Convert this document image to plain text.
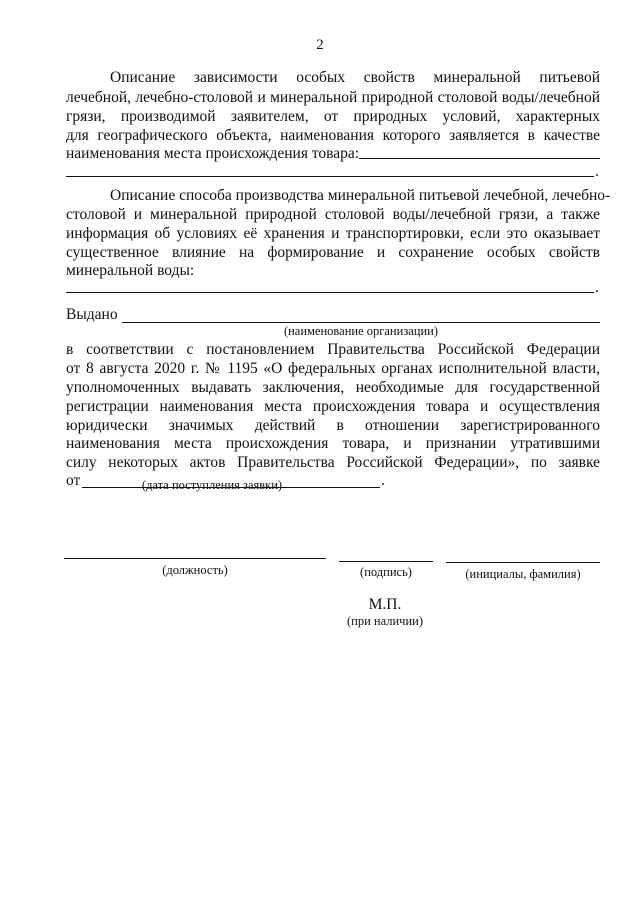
2
Описание зависимости особых свойств минеральной питьевой
лечебной, лечебно-столовой и минеральной природной столовой воды/лечебной
грязи, производимой заявителем, от природных условий, характерных
для географического объекта, наименования которого заявляется в качестве
наименования места происхождения товара:
.
Описание способа производства минеральной питьевой лечебной, лечебно-
столовой и минеральной природной столовой воды/лечебной грязи, а также
информация об условиях её хранения и транспортировки, если это оказывает
существенное влияние на формирование и сохранение особых свойств
минеральной воды:
.
Выдано
(наименование организации)
в соответствии с постановлением Правительства Российской Федерации
от 8 августа 2020 г. № 1195 «О федеральных органах исполнительной власти,
уполномоченных выдавать заключения, необходимые для государственной
регистрации наименования места происхождения товара и осуществления
юридически значимых действий в отношении зарегистрированного
наименования места происхождения товара, и признании утратившими
силу некоторых актов Правительства Российской Федерации», по заявке
от	.
(дата поступления заявки)
(должность)	(подпись)	(инициалы, фамилия)
М.П.
(при наличии)
